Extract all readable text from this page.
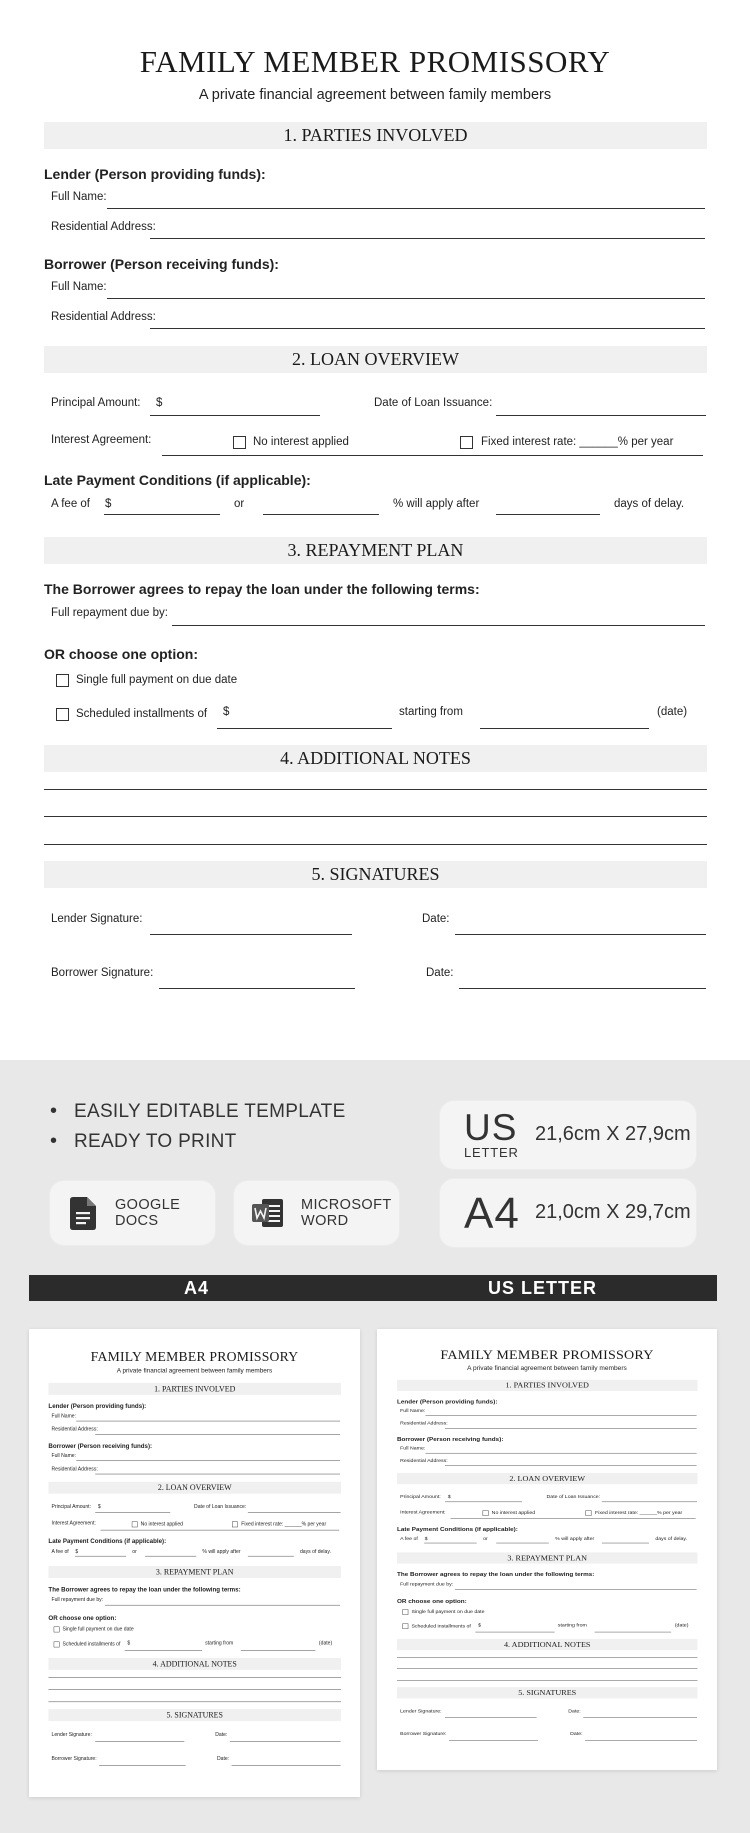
FAMILY MEMBER PROMISSORY
A private financial agreement between family members
1. PARTIES INVOLVED
Lender (Person providing funds):
Full Name:
Residential Address:
Borrower (Person receiving funds):
Full Name:
Residential Address:
2. LOAN OVERVIEW
Principal Amount: $	Date of Loan Issuance:
Interest Agreement:	No interest applied	Fixed interest rate: ______% per year
Late Payment Conditions (if applicable):
A fee of $	or	% will apply after	days of delay.
3. REPAYMENT PLAN
The Borrower agrees to repay the loan under the following terms:
Full repayment due by:
OR choose one option:
Single full payment on due date
Scheduled installments of $	starting from	(date)
4. ADDITIONAL NOTES
5. SIGNATURES
Lender Signature:	Date:
Borrower Signature:	Date:
• EASILY EDITABLE TEMPLATE
• READY TO PRINT
GOOGLE
DOCS
MICROSOFT
WORD
US
LETTER
21,6cm X 27,9cm
A4 21,0cm X 29,7cm
A4	US LETTER
FAMILY MEMBER PROMISSORY
A private financial agreement between family members
1. PARTIES INVOLVED
Lender (Person providing funds):
Full Name:
Residential Address:
Borrower (Person receiving funds):
Full Name:
Residential Address:
2. LOAN OVERVIEW
Principal Amount: $	Date of Loan Issuance:
Interest Agreement:	No interest applied	Fixed interest rate: ______% per year
Late Payment Conditions (if applicable):
A fee of $	or	% will apply after	days of delay.
3. REPAYMENT PLAN
The Borrower agrees to repay the loan under the following terms:
Full repayment due by:
OR choose one option:
Single full payment on due date
Scheduled installments of $	starting from	(date)
4. ADDITIONAL NOTES
5. SIGNATURES
Lender Signature:	Date:
Borrower Signature:	Date:
FAMILY MEMBER PROMISSORY
A private financial agreement between family members
1. PARTIES INVOLVED
Lender (Person providing funds):
Full Name:
Residential Address:
Borrower (Person receiving funds):
Full Name:
Residential Address:
2. LOAN OVERVIEW
Principal Amount: $	Date of Loan Issuance:
Interest Agreement:	No interest applied	Fixed interest rate: ______% per year
Late Payment Conditions (if applicable):
A fee of $	or	% will apply after	days of delay.
3. REPAYMENT PLAN
The Borrower agrees to repay the loan under the following terms:
Full repayment due by:
OR choose one option:
Single full payment on due date
Scheduled installments of $	starting from	(date)
4. ADDITIONAL NOTES
5. SIGNATURES
Lender Signature:	Date:
Borrower Signature:	Date:
